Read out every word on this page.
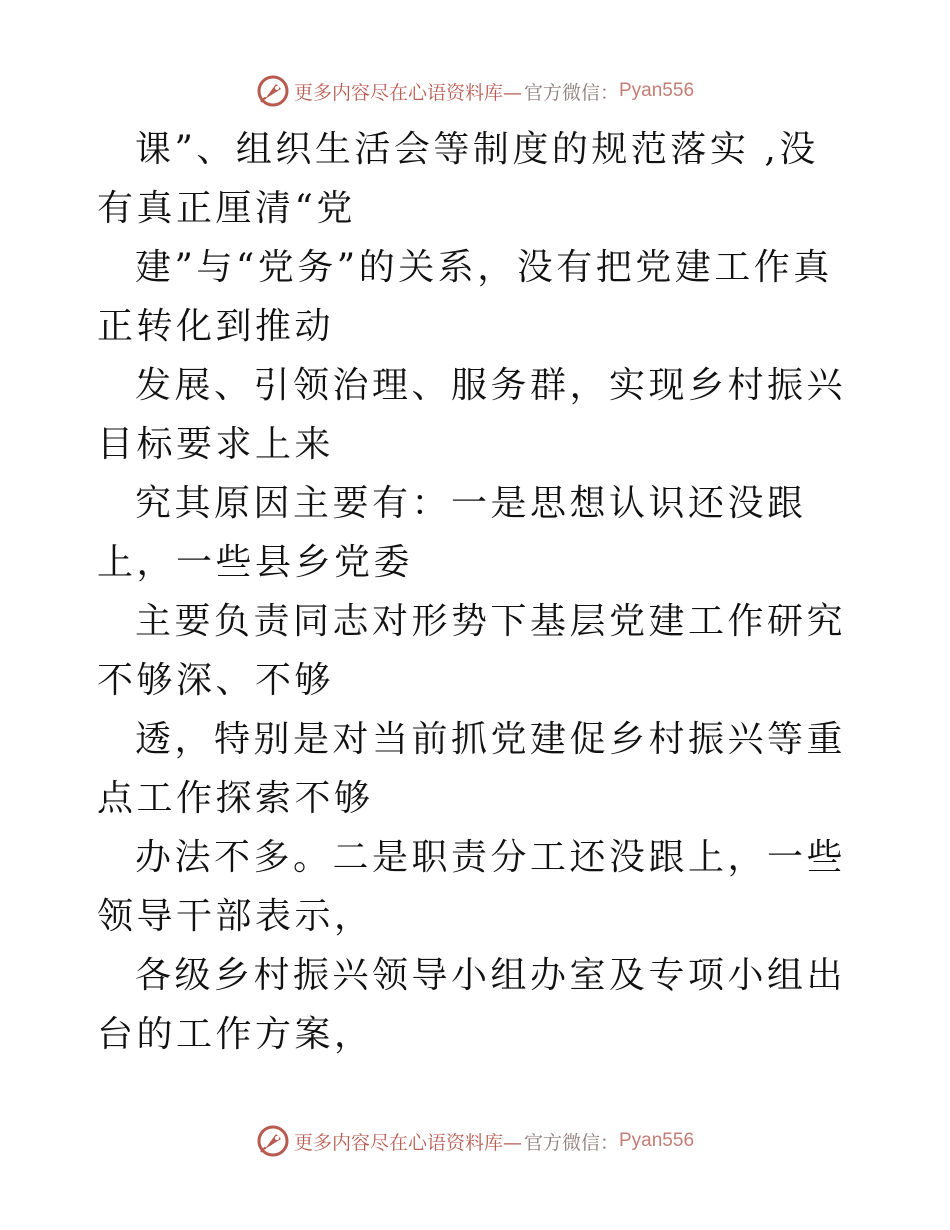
更多内容尽在心语资料库— 官方微信： Pyan556

课”、组织生活会等制度的规范落实 ,没有真正厘清“党

建”与“党务”的关系，没有把党建工作真正转化到推动

发展、引领治理、服务群，实现乡村振兴目标要求上来

究其原因主要有：一是思想认识还没跟上，一些县乡党委

主要负责同志对形势下基层党建工作研究不够深、不够

透，特别是对当前抓党建促乡村振兴等重点工作探索不够

办法不多。二是职责分工还没跟上，一些领导干部表示，

各级乡村振兴领导小组办室及专项小组出台的工作方案，

更多内容尽在心语资料库— 官方微信： Pyan556
